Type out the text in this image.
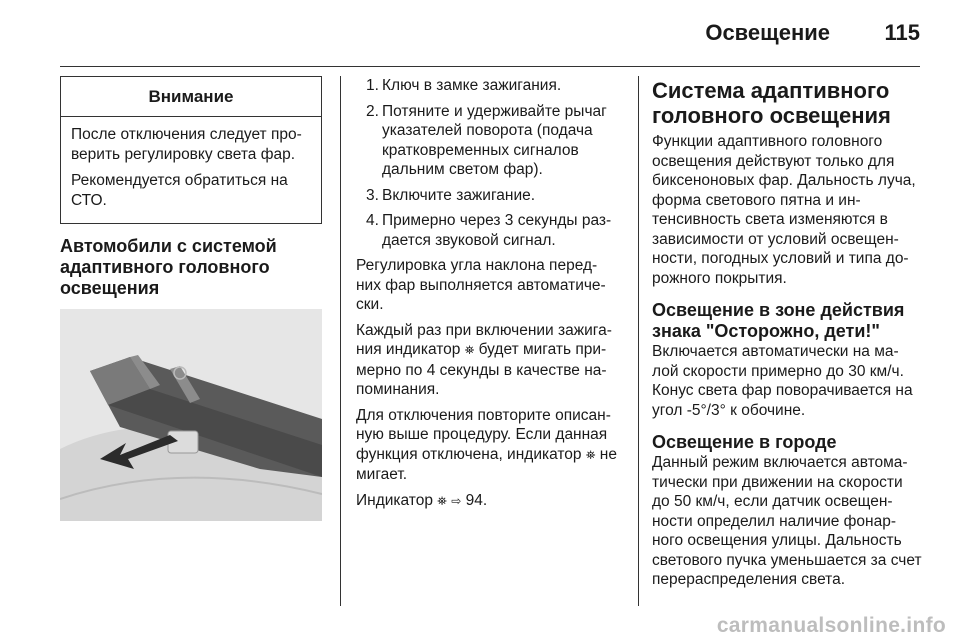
Освещение 115
Внимание

После отключения следует про-верить регулировку света фар.

Рекомендуется обратиться на СТО.

Автомобили с системой адаптивного головного освещения
1. Ключ в замке зажигания.
2. Потяните и удерживайте рычаг указателей поворота (подача кратковременных сигналов дальним светом фар).
3. Включите зажигание.
4. Примерно через 3 секунды раз-дается звуковой сигнал.
Регулировка угла наклона перед-них фар выполняется автоматиче-ски.
Каждый раз при включении зажига-ния индикатор ⛯ будет мигать при-мерно по 4 секунды в качестве на-поминания.
Для отключения повторите описан-ную выше процедуру. Если данная функция отключена, индикатор ⛯ не мигает.
Индикатор ⛯ ⇨ 94.
Система адаптивного головного освещения
Функции адаптивного головного освещения действуют только для биксеноновых фар. Дальность луча, форма светового пятна и ин-тенсивность света изменяются в зависимости от условий освещен-ности, погодных условий и типа до-рожного покрытия.
Освещение в зоне действия знака "Осторожно, дети!"
Включается автоматически на ма-лой скорости примерно до 30 км/ч. Конус света фар поворачивается на угол -5°/3° к обочине.
Освещение в городе
Данный режим включается автома-тически при движении на скорости до 50 км/ч, если датчик освещен-ности определил наличие фонар-ного освещения улицы. Дальность светового пучка уменьшается за счет перераспределения света.
carmanualsonline.info
